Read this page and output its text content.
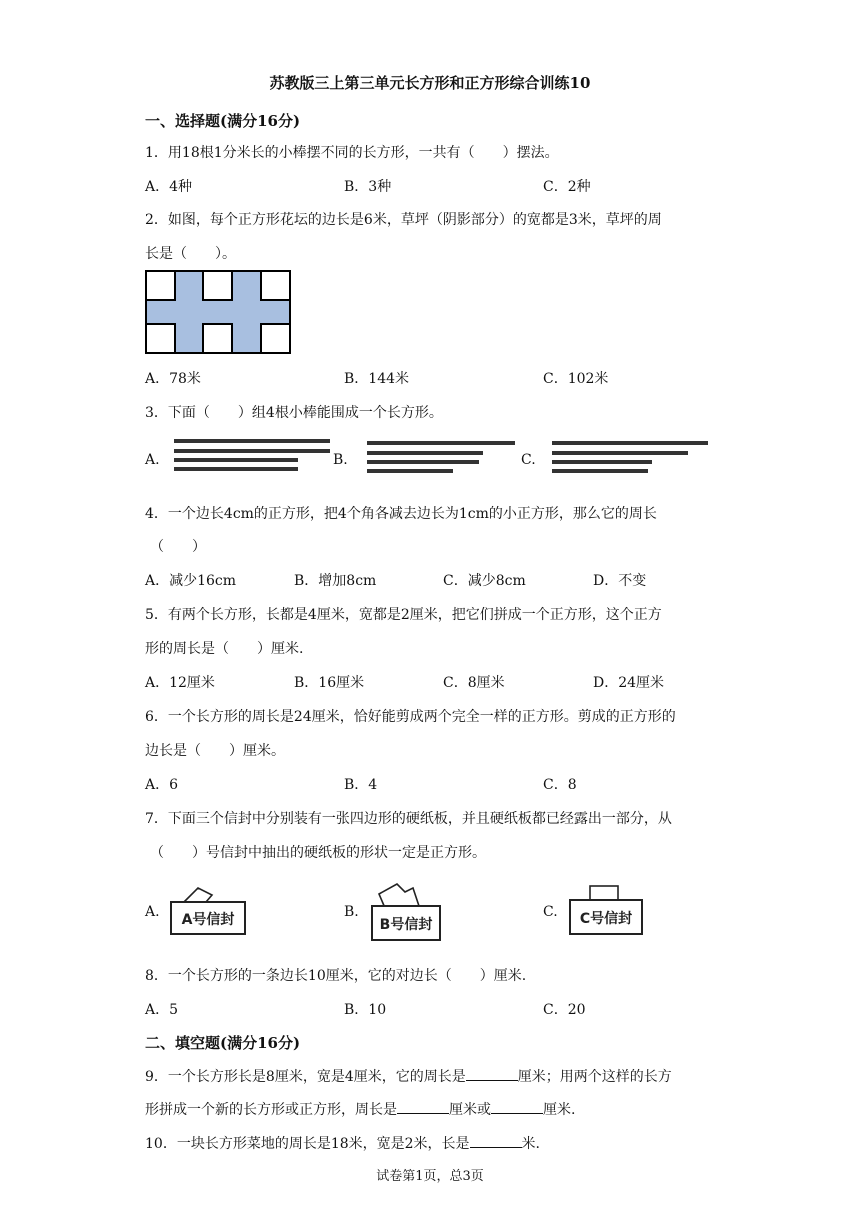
苏教版三上第三单元长方形和正方形综合训练10
一、选择题(满分16分)
1．用18根1分米长的小棒摆不同的长方形，一共有（　　）摆法。
A．4种	B．3种	C．2种
2．如图，每个正方形花坛的边长是6米，草坪（阴影部分）的宽都是3米，草坪的周
长是（　　）。
A．78米	B．144米	C．102米
3．下面（　　）组4根小棒能围成一个长方形。
A.	B.	C.
4．一个边长4cm的正方形，把4个角各减去边长为1cm的小正方形，那么它的周长
（　　）
A．减少16cm	B．增加8cm	C．减少8cm	D．不变
5．有两个长方形，长都是4厘米，宽都是2厘米，把它们拼成一个正方形，这个正方
形的周长是（　　）厘米.
A．12厘米	B．16厘米	C．8厘米	D．24厘米
6．一个长方形的周长是24厘米，恰好能剪成两个完全一样的正方形。剪成的正方形的
边长是（　　）厘米。
A．6	B．4	C．8
7．下面三个信封中分别装有一张四边形的硬纸板，并且硬纸板都已经露出一部分，从
（　　）号信封中抽出的硬纸板的形状一定是正方形。
A. A号信封	B.
B号信封
C. C号信封
8．一个长方形的一条边长10厘米，它的对边长（　　）厘米.
A．5	B．10	C．20
二、填空题(满分16分)
9．一个长方形长是8厘米，宽是4厘米，它的周长是	厘米；用两个这样的长方
形拼成一个新的长方形或正方形，周长是	厘米或	厘米.
10．一块长方形菜地的周长是18米，宽是2米，长是	米.
试卷第1页，总3页
